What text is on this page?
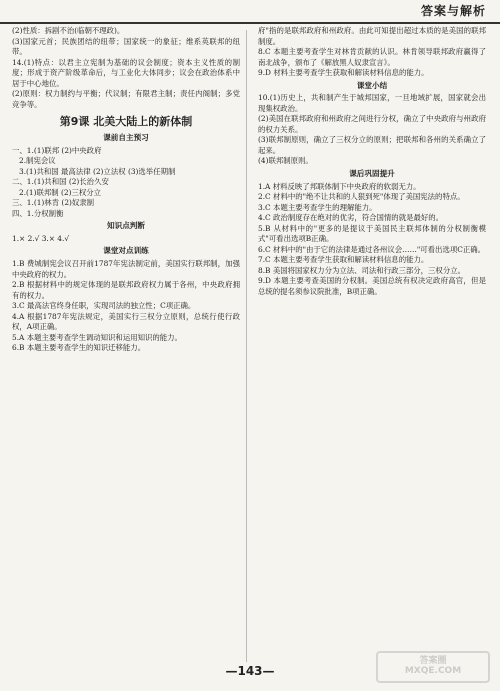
答案与解析

(2)性质：拆剧不治(临朝不理政)。

(3)国家元首；民族团结的纽带；国家统一的象征；维系英联邦的纽带。

14.(1)特点：以君主立宪制为基础的议会制度；资本主义性质的制度；形成于资产阶级革命后，与工业化大体同步；议会在政治体系中居于中心地位。

(2)原则：权力制约与平衡；代议制；有限君主制；责任内阁制；多党竞争等。

第9课 北美大陆上的新体制
课前自主预习

一、1.(1)联邦 (2)中央政府

2.制宪会议

3.(1)共和国 最高法律 (2)立法权 (3)选举任期制

二、1.(1)共和国 (2)长治久安

2.(1)联邦制 (2)三权分立

三、1.(1)林肯 (2)奴隶制

四、1.分权制衡

知识点判断

1.× 2.√ 3.× 4.√

课堂对点训练

1.B 费城制宪会议召开前1787年宪法制定前，美国实行联邦制，加强中央政府的权力。

2.B 根据材料中的规定体现的是联邦政府权力属于各州，中央政府拥有的权力。

3.C 最高法官终身任职，实现司法的独立性；C项正确。

4.A 根据1787年宪法规定，美国实行三权分立原则，总统行使行政权，A项正确。

5.A 本题主要考查学生调动知识和运用知识的能力。

6.B 本题主要考查学生的知识迁移能力。

府"指的是联邦政府和州政府。由此可知提出超过本质的是美国的联邦制度。

8.C 本题主要考查学生对林肯贡献的认识。林肯领导联邦政府赢得了南北战争，颁布了《解放黑人奴隶宣言》。

9.D 材料主要考查学生获取和解读材料信息的能力。

课堂小结

10.(1)历史上，共和制产生于城邦国家，一旦地域扩展，国家就会出现集权政治。

(2)美国在联邦政府和州政府之间进行分权，确立了中央政府与州政府的权力关系。

(3)联邦制原则，确立了三权分立的原则；把联邦和各州的关系确立了起来。

(4)联邦制原则。

课后巩固提升

1.A 材料反映了邦联体制下中央政府的软弱无力。

2.C 材料中的"绝不让共和的人狠到死"体现了美国宪法的特点。

3.C 本题主要考查学生的理解能力。

4.C 政治制度存在绝对的优劣，符合国情的就是最好的。

5.B 从材料中的"更多的是提议于美国民主联邦体制的分权制衡模式"可看出选项B正确。

6.C 材料中的"由于它的法律是通过各州议会……"可看出选项C正确。

7.C 本题主要考查学生获取和解读材料信息的能力。

8.B 美国将国家权力分为立法、司法和行政三部分，三权分立。

9.D 本题主要考查美国的分权制。美国总统有权决定政府高官，但是总统的提名须参议院批准，B项正确。

—143—
答案圈
MXQE.COM
